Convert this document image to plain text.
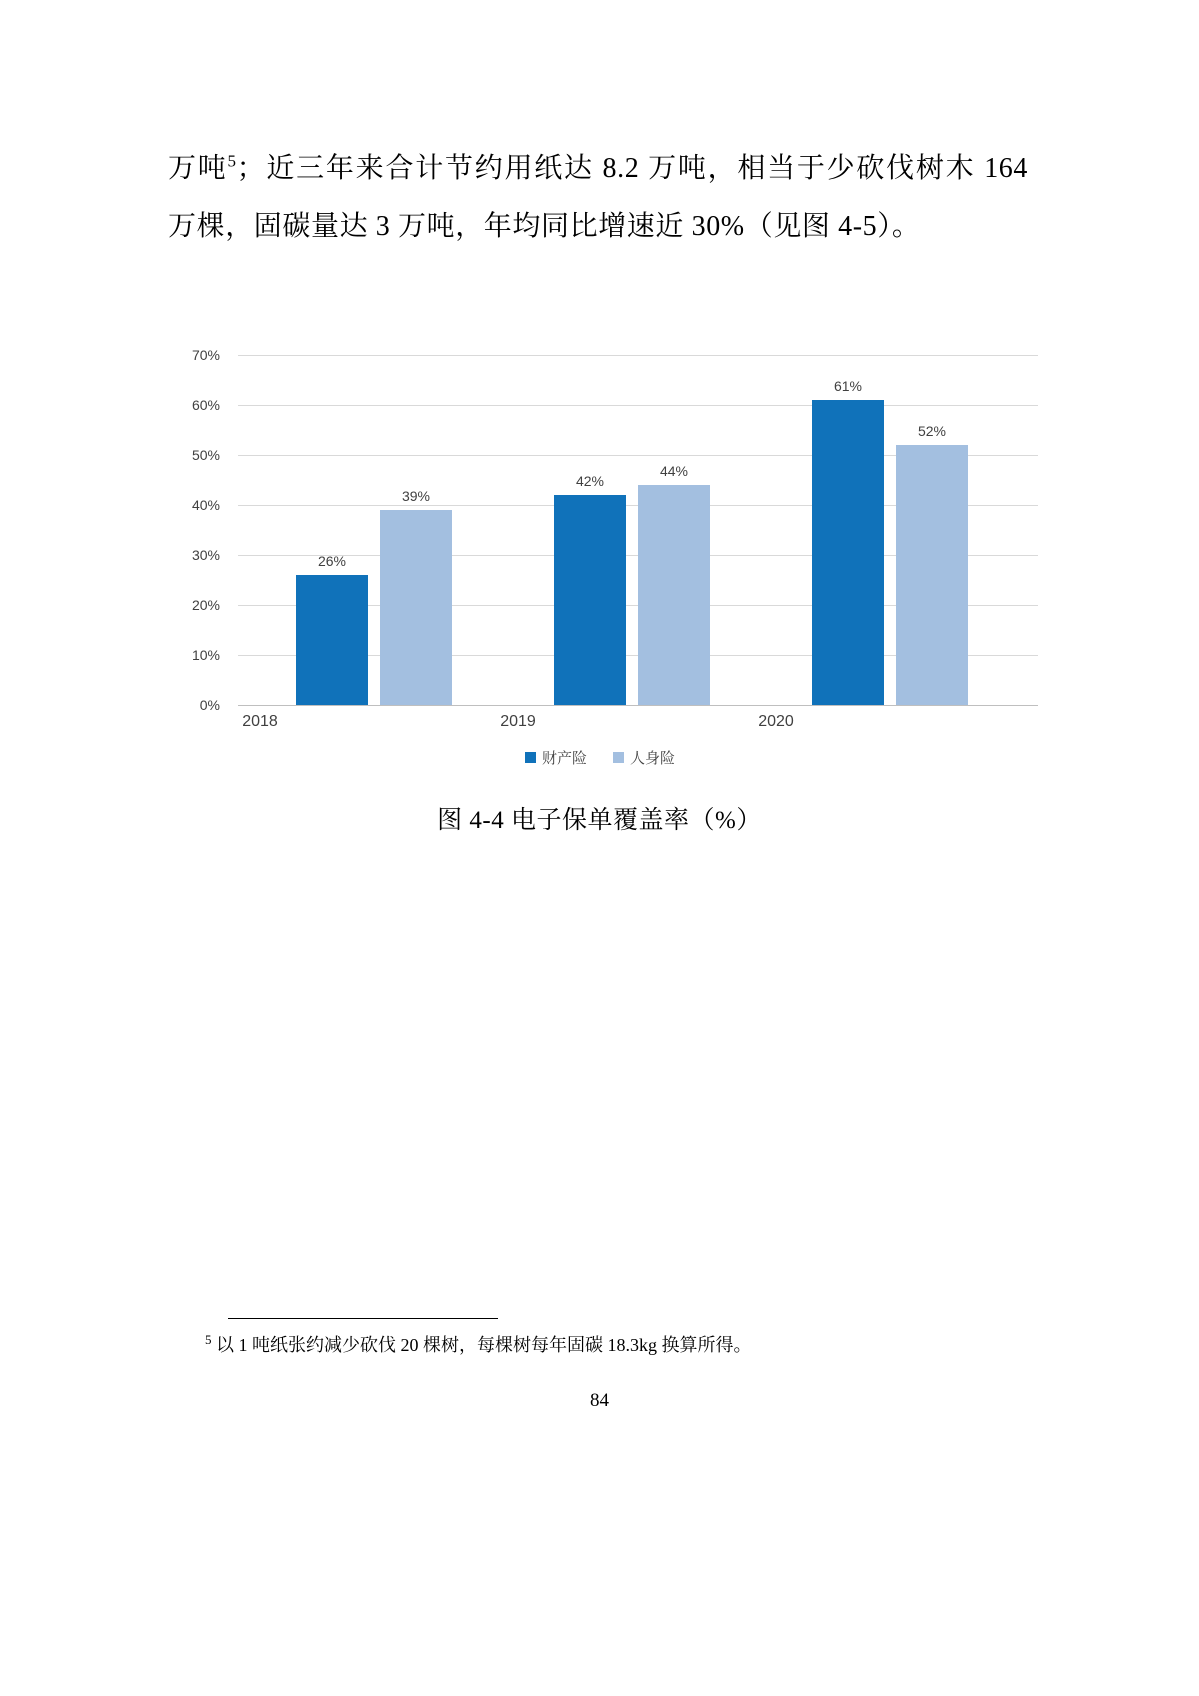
万吨$^5$；近三年来合计节约用纸达 8.2 万吨，相当于少砍伐树木 164 万棵，固碳量达 3 万吨，年均同比增速近 30%（见图 4-5）。
70%
60%
50%
40%
30%
20%
10%
0%
26%
39%
42%
44%
61%
52%
2018	2019	2020
财产险	人身险
图 4-4 电子保单覆盖率（%）
$^5$ 以 1 吨纸张约减少砍伐 20 棵树，每棵树每年固碳 18.3kg 换算所得。
84
